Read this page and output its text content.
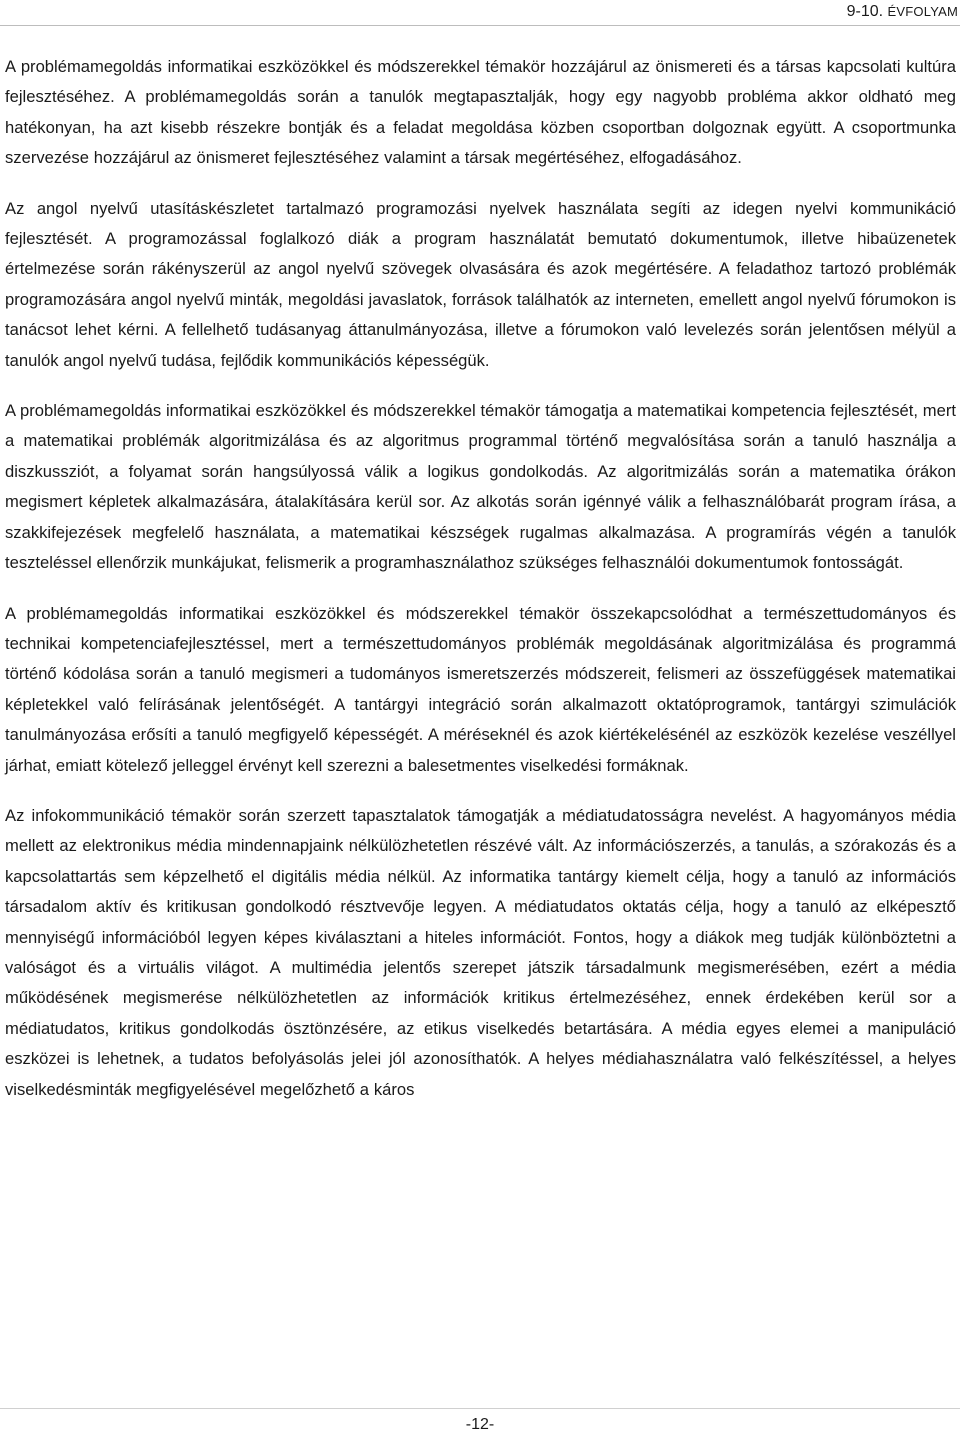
9-10. ÉVFOLYAM

A problémamegoldás informatikai eszközökkel és módszerekkel témakör hozzájárul az önismereti és a társas kapcsolati kultúra fejlesztéséhez. A problémamegoldás során a tanulók megtapasztalják, hogy egy nagyobb probléma akkor oldható meg hatékonyan, ha azt kisebb részekre bontják és a feladat megoldása közben csoportban dolgoznak együtt. A csoportmunka szervezése hozzájárul az önismeret fejlesztéséhez valamint a társak megértéséhez, elfogadásához.

Az angol nyelvű utasításkészletet tartalmazó programozási nyelvek használata segíti az idegen nyelvi kommunikáció fejlesztését. A programozással foglalkozó diák a program használatát bemutató dokumentumok, illetve hibaüzenetek értelmezése során rákényszerül az angol nyelvű szövegek olvasására és azok megértésére. A feladathoz tartozó problémák programozására angol nyelvű minták, megoldási javaslatok, források találhatók az interneten, emellett angol nyelvű fórumokon is tanácsot lehet kérni. A fellelhető tudásanyag áttanulmányozása, illetve a fórumokon való levelezés során jelentősen mélyül a tanulók angol nyelvű tudása, fejlődik kommunikációs képességük.

A problémamegoldás informatikai eszközökkel és módszerekkel témakör támogatja a matematikai kompetencia fejlesztését, mert a matematikai problémák algoritmizálása és az algoritmus programmal történő megvalósítása során a tanuló használja a diszkussziót, a folyamat során hangsúlyossá válik a logikus gondolkodás. Az algoritmizálás során a matematika órákon megismert képletek alkalmazására, átalakítására kerül sor. Az alkotás során igénnyé válik a felhasználóbarát program írása, a szakkifejezések megfelelő használata, a matematikai készségek rugalmas alkalmazása. A programírás végén a tanulók teszteléssel ellenőrzik munkájukat, felismerik a programhasználathoz szükséges felhasználói dokumentumok fontosságát.

A problémamegoldás informatikai eszközökkel és módszerekkel témakör összekapcsolódhat a természettudományos és technikai kompetenciafejlesztéssel, mert a természettudományos problémák megoldásának algoritmizálása és programmá történő kódolása során a tanuló megismeri a tudományos ismeretszerzés módszereit, felismeri az összefüggések matematikai képletekkel való felírásának jelentőségét. A tantárgyi integráció során alkalmazott oktatóprogramok, tantárgyi szimulációk tanulmányozása erősíti a tanuló megfigyelő képességét. A méréseknél és azok kiértékelésénél az eszközök kezelése veszéllyel járhat, emiatt kötelező jelleggel érvényt kell szerezni a balesetmentes viselkedési formáknak.

Az infokommunikáció témakör során szerzett tapasztalatok támogatják a médiatudatosságra nevelést. A hagyományos média mellett az elektronikus média mindennapjaink nélkülözhetetlen részévé vált. Az információszerzés, a tanulás, a szórakozás és a kapcsolattartás sem képzelhető el digitális média nélkül. Az informatika tantárgy kiemelt célja, hogy a tanuló az információs társadalom aktív és kritikusan gondolkodó résztvevője legyen. A médiatudatos oktatás célja, hogy a tanuló az elképesztő mennyiségű információból legyen képes kiválasztani a hiteles információt. Fontos, hogy a diákok meg tudják különböztetni a valóságot és a virtuális világot. A multimédia jelentős szerepet játszik társadalmunk megismerésében, ezért a média működésének megismerése nélkülözhetetlen az információk kritikus értelmezéséhez, ennek érdekében kerül sor a médiatudatos, kritikus gondolkodás ösztönzésére, az etikus viselkedés betartására. A média egyes elemei a manipuláció eszközei is lehetnek, a tudatos befolyásolás jelei jól azonosíthatók. A helyes médiahasználatra való felkészítéssel, a helyes viselkedésminták megfigyelésével megelőzhető a káros

-12-
